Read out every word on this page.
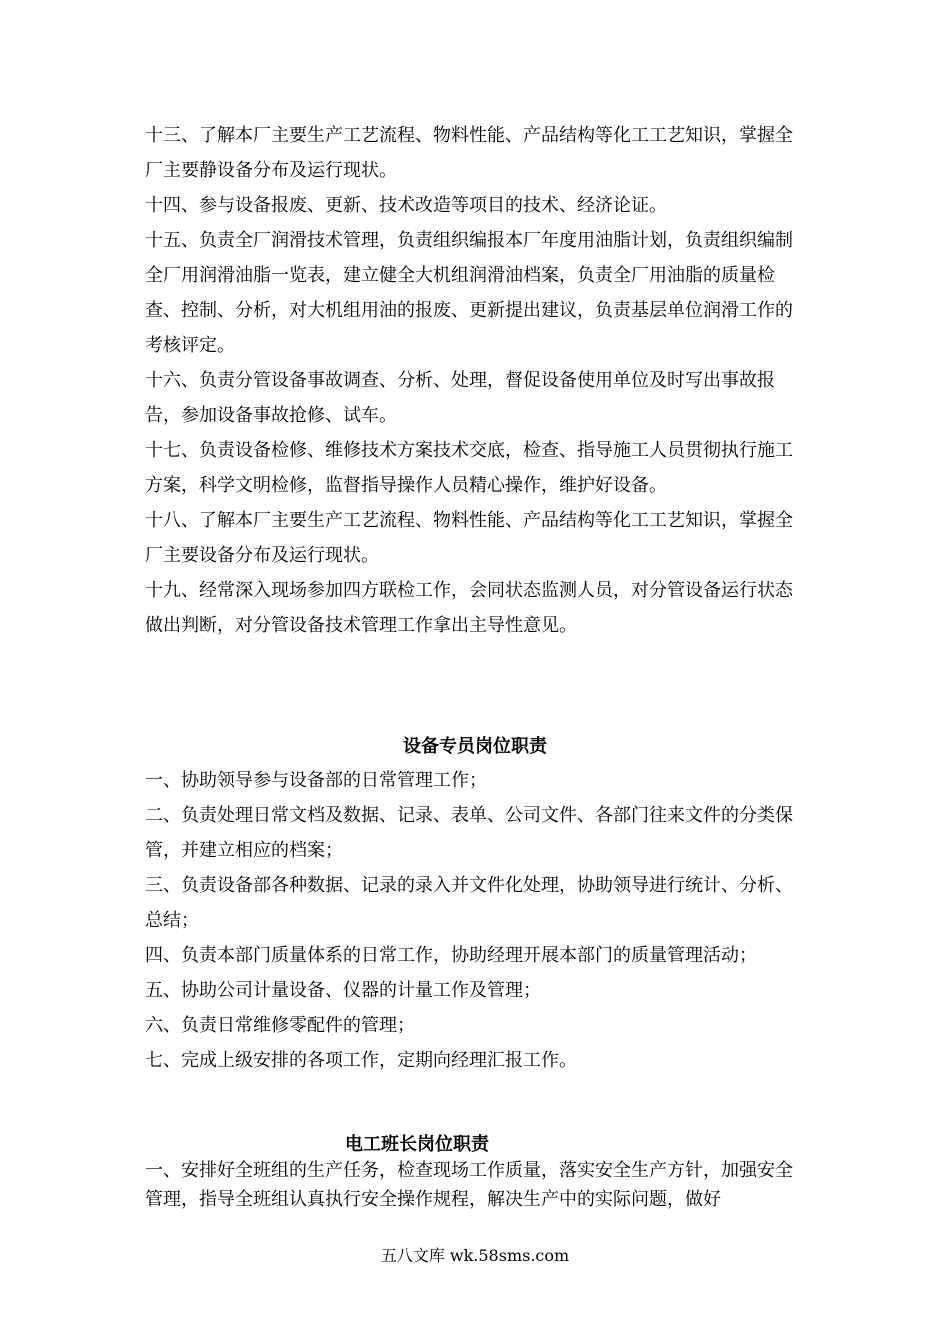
十三、了解本厂主要生产工艺流程、物料性能、产品结构等化工工艺知识，掌握全厂主要静设备分布及运行现状。

十四、参与设备报废、更新、技术改造等项目的技术、经济论证。

十五、负责全厂润滑技术管理，负责组织编报本厂年度用油脂计划，负责组织编制全厂用润滑油脂一览表，建立健全大机组润滑油档案，负责全厂用油脂的质量检查、控制、分析，对大机组用油的报废、更新提出建议，负责基层单位润滑工作的考核评定。

十六、负责分管设备事故调查、分析、处理，督促设备使用单位及时写出事故报告，参加设备事故抢修、试车。

十七、负责设备检修、维修技术方案技术交底，检查、指导施工人员贯彻执行施工方案，科学文明检修，监督指导操作人员精心操作，维护好设备。

十八、了解本厂主要生产工艺流程、物料性能、产品结构等化工工艺知识，掌握全厂主要设备分布及运行现状。

十九、经常深入现场参加四方联检工作，会同状态监测人员，对分管设备运行状态做出判断，对分管设备技术管理工作拿出主导性意见。

设备专员岗位职责

一、协助领导参与设备部的日常管理工作；

二、负责处理日常文档及数据、记录、表单、公司文件、各部门往来文件的分类保管，并建立相应的档案；

三、负责设备部各种数据、记录的录入并文件化处理，协助领导进行统计、分析、总结；

四、负责本部门质量体系的日常工作，协助经理开展本部门的质量管理活动；

五、协助公司计量设备、仪器的计量工作及管理；

六、负责日常维修零配件的管理；

七、完成上级安排的各项工作，定期向经理汇报工作。

电工班长岗位职责

一、安排好全班组的生产任务，检查现场工作质量，落实安全生产方针，加强安全管理，指导全班组认真执行安全操作规程，解决生产中的实际问题，做好

五八文库 wk.58sms.com
